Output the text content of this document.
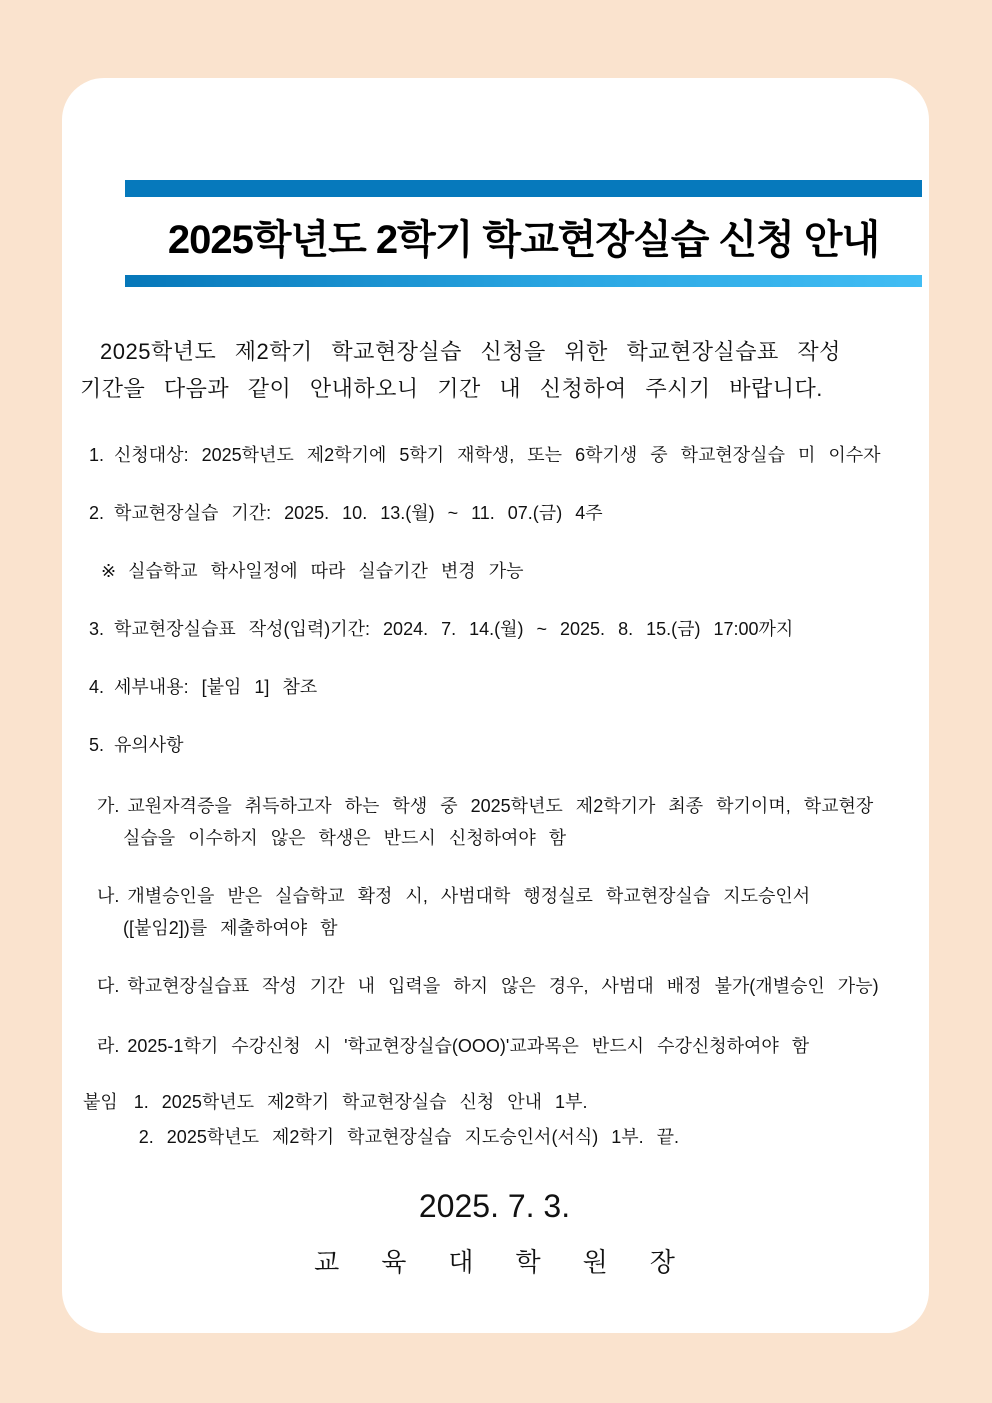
2025학년도 2학기 학교현장실습 신청 안내
2025학년도 제2학기 학교현장실습 신청을 위한 학교현장실습표 작성
기간을 다음과 같이 안내하오니 기간 내 신청하여 주시기 바랍니다.
1. 신청대상: 2025학년도 제2학기에 5학기 재학생, 또는 6학기생 중 학교현장실습 미 이수자
2. 학교현장실습 기간: 2025. 10. 13.(월) ~ 11. 07.(금) 4주
※ 실습학교 학사일정에 따라 실습기간 변경 가능
3. 학교현장실습표 작성(입력)기간: 2024. 7. 14.(월) ~ 2025. 8. 15.(금) 17:00까지
4. 세부내용: [붙임 1] 참조
5. 유의사항
가. 교원자격증을 취득하고자 하는 학생 중 2025학년도 제2학기가 최종 학기이며, 학교현장
실습을 이수하지 않은 학생은 반드시 신청하여야 함
나. 개별승인을 받은 실습학교 확정 시, 사범대학 행정실로 학교현장실습 지도승인서
([붙임2])를 제출하여야 함
다. 학교현장실습표 작성 기간 내 입력을 하지 않은 경우, 사범대 배정 불가(개별승인 가능)
라. 2025-1학기 수강신청 시 '학교현장실습(OOO)'교과목은 반드시 수강신청하여야 함
붙임 1. 2025학년도 제2학기 학교현장실습 신청 안내 1부.
2. 2025학년도 제2학기 학교현장실습 지도승인서(서식) 1부. 끝.
2025. 7. 3.
교육대학원장
